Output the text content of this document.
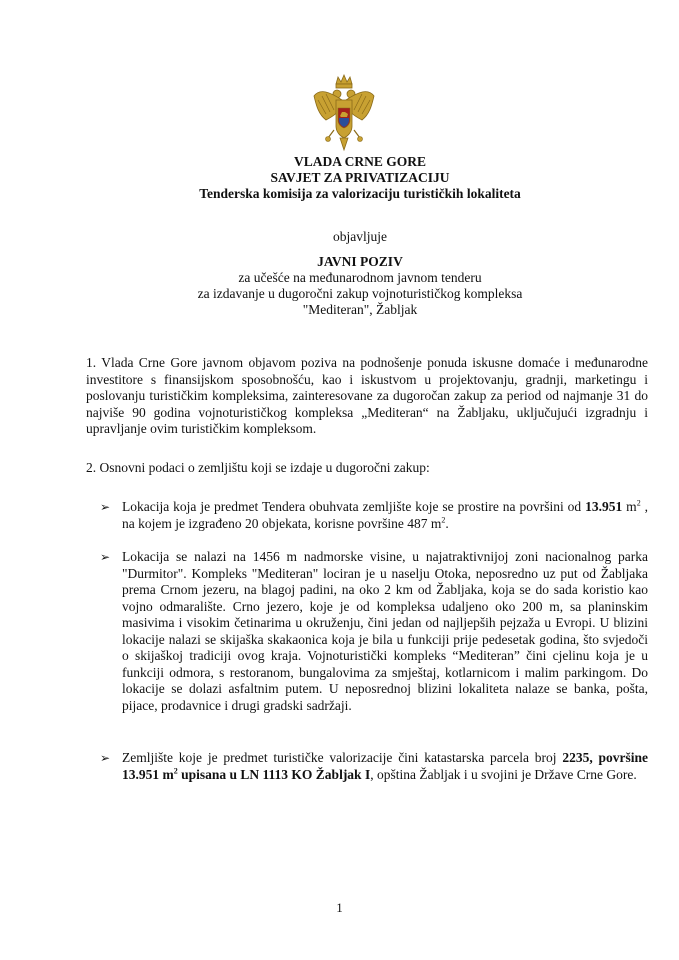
VLADA CRNE GORE
SAVJET ZA PRIVATIZACIJU
Tenderska komisija za valorizaciju turističkih lokaliteta
objavljuje
JAVNI POZIV
za učešće na međunarodnom javnom tenderu
za izdavanje u dugoročni zakup vojnoturističkog kompleksa
"Mediteran", Žabljak
1. Vlada Crne Gore javnom objavom poziva na podnošenje ponuda iskusne domaće i međunarodne investitore s finansijskom sposobnošću, kao i iskustvom u projektovanju, gradnji, marketingu i poslovanju turističkim kompleksima, zainteresovane za dugoročan zakup za period od najmanje 31 do najviše 90 godina vojnoturističkog kompleksa „Mediteran“ na Žabljaku, uključujući izgradnju i upravljanje ovim turističkim kompleksom.
2. Osnovni podaci o zemljištu koji se izdaje u dugoročni zakup:
➢ Lokacija koja je predmet Tendera obuhvata zemljište koje se prostire na površini od 13.951 $m^2$ , na kojem je izgrađeno 20 objekata, korisne površine 487 $m^2$.
➢ Lokacija se nalazi na 1456 m nadmorske visine, u najatraktivnijoj zoni nacionalnog parka "Durmitor". Kompleks "Mediteran" lociran je u naselju Otoka, neposredno uz put od Žabljaka prema Crnom jezeru, na blagoj padini, na oko 2 km od Žabljaka, koja se do sada koristio kao vojno odmaralište. Crno jezero, koje je od kompleksa udaljeno oko 200 m, sa planinskim masivima i visokim četinarima u okruženju, čini jedan od najljepših pejzaža u Evropi. U blizini lokacije nalazi se skijaška skakaonica koja je bila u funkciji prije pedesetak godina, što svjedoči o skijaškoj tradiciji ovog kraja. Vojnoturistički kompleks “Mediteran” čini cjelinu koja je u funkciji odmora, s restoranom, bungalovima za smještaj, kotlarnicom i malim parkingom. Do lokacije se dolazi asfaltnim putem. U neposrednoj blizini lokaliteta nalaze se banka, pošta, pijace, prodavnice i drugi gradski sadržaji.
➢ Zemljište koje je predmet turističke valorizacije čini katastarska parcela broj 2235, površine 13.951 $m^2$ upisana u LN 1113 KO Žabljak I, opština Žabljak i u svojini je Države Crne Gore.
1
